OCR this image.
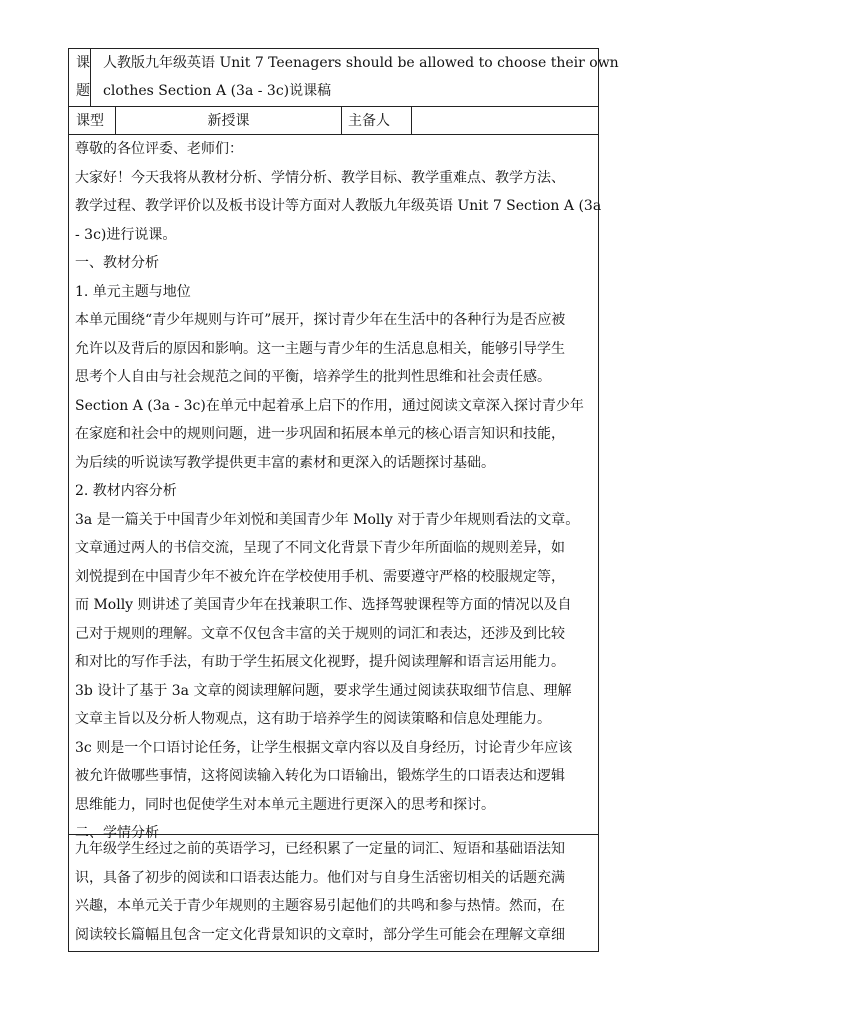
课题
人教版九年级英语 Unit 7 Teenagers should be allowed to choose their own
clothes Section A (3a - 3c)说课稿
课型	新授课	主备人

尊敬的各位评委、老师们：

大家好！今天我将从教材分析、学情分析、教学目标、教学重难点、教学方法、

教学过程、教学评价以及板书设计等方面对人教版九年级英语 Unit 7 Section A (3a

- 3c)进行说课。

一、教材分析

1. 单元主题与地位

本单元围绕“青少年规则与许可”展开，探讨青少年在生活中的各种行为是否应被

允许以及背后的原因和影响。这一主题与青少年的生活息息相关，能够引导学生

思考个人自由与社会规范之间的平衡，培养学生的批判性思维和社会责任感。

Section A (3a - 3c)在单元中起着承上启下的作用，通过阅读文章深入探讨青少年

在家庭和社会中的规则问题，进一步巩固和拓展本单元的核心语言知识和技能，

为后续的听说读写教学提供更丰富的素材和更深入的话题探讨基础。

2. 教材内容分析

3a 是一篇关于中国青少年刘悦和美国青少年 Molly 对于青少年规则看法的文章。

文章通过两人的书信交流，呈现了不同文化背景下青少年所面临的规则差异，如

刘悦提到在中国青少年不被允许在学校使用手机、需要遵守严格的校服规定等，

而 Molly 则讲述了美国青少年在找兼职工作、选择驾驶课程等方面的情况以及自

己对于规则的理解。文章不仅包含丰富的关于规则的词汇和表达，还涉及到比较

和对比的写作手法，有助于学生拓展文化视野，提升阅读理解和语言运用能力。

3b 设计了基于 3a 文章的阅读理解问题，要求学生通过阅读获取细节信息、理解

文章主旨以及分析人物观点，这有助于培养学生的阅读策略和信息处理能力。

3c 则是一个口语讨论任务，让学生根据文章内容以及自身经历，讨论青少年应该

被允许做哪些事情，这将阅读输入转化为口语输出，锻炼学生的口语表达和逻辑

思维能力，同时也促使学生对本单元主题进行更深入的思考和探讨。

二、学情分析

九年级学生经过之前的英语学习，已经积累了一定量的词汇、短语和基础语法知

识，具备了初步的阅读和口语表达能力。他们对与自身生活密切相关的话题充满

兴趣，本单元关于青少年规则的主题容易引起他们的共鸣和参与热情。然而，在

阅读较长篇幅且包含一定文化背景知识的文章时，部分学生可能会在理解文章细
